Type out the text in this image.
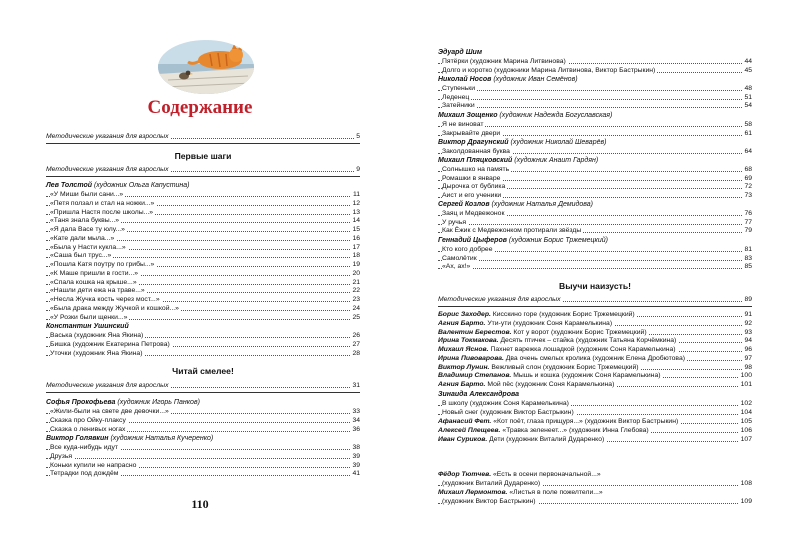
Содержание
Методические указания для взрослых	5
Первые шаги
Методические указания для взрослых	9
Лев Толстой (художник Ольга Капустина)
«У Миши были сани...»	11
«Петя ползал и стал на ножки...»	12
«Пришла Настя после школы...»	13
«Таня знала буквы...»	14
«Я дала Васе ту юлу...»	15
«Кате дали мыла...»	16
«Была у Насти кукла...»	17
«Саша был трус...»	18
«Пошла Катя поутру по грибы...»	19
«К Маше пришли в гости...»	20
«Спала кошка на крыше...»	21
«Нашли дети ежа на траве...»	22
«Несла Жучка кость через мост...»	23
«Была драка между Жучкой и кошкой...»	24
«У Розки были щенки...»	25
Константин Ушинский
Васька (художник Яна Якина)	26
Бишка (художник Екатерина Петрова)	27
Уточки (художник Яна Якина)	28
Читай смелее!
Методические указания для взрослых	31
Софья Прокофьева (художник Игорь Панков)
«Жили-были на свете две девочки...»	33
Сказка про Ойку-плаксу	34
Сказка о ленивых ногах	36
Виктор Голявкин (художник Наталья Кучеренко)
Все куда-нибудь идут	38
Друзья	39
Коньки купили не напрасно	39
Тетрадки под дождём	41
110
Эдуард Шим
Пятёрки (художник Марина Литвинова)	44
Долго и коротко (художники Марина Литвинова, Виктор Бастрыкин)	45
Николай Носов (художник Иван Семёнов)
Ступеньки	48
Леденец	51
Затейники	54
Михаил Зощенко (художник Надежда Богуславская)
Я не виноват	58
Закрывайте двери	61
Виктор Драгунский (художник Николай Шеварёв)
Заколдованная буква	64
Михаил Пляцковский (художник Анаит Гардян)
Солнышко на память	68
Ромашки в январе	69
Дырочка от бублика	72
Аист и его ученики	73
Сергей Козлов (художник Наталья Демидова)
Заяц и Медвежонок	76
У ручья	77
Как Ёжик с Медвежонком протирали звёзды	79
Геннадий Цыферов (художник Борис Тржемецкий)
Кто кого добрее	81
Самолётик	83
«Ах, ах!»	85
Выучи наизусть!
Методические указания для взрослых	89
Борис Заходер. Кисскино горе (художник Борис Тржемецкий)	91
Агния Барто. Ути-ути (художник Соня Карамелькина)	92
Валентин Берестов. Кот у ворот (художник Борис Тржемецкий)	93
Ирина Токмакова. Десять птичек – стайка (художник Татьяна Корчёмкина)	94
Михаил Яснов. Пахнет варежка лошадкой (художник Соня Карамелькина)	96
Ирина Пивоварова. Два очень смелых кролика (художник Елена Дробютова)	97
Виктор Лунин. Вежливый слон (художник Борис Тржемецкий)	98
Владимир Степанов. Мышь и кошка (художник Соня Карамелькина)	100
Агния Барто. Мой пёс (художник Соня Карамелькина)	101
Зинаида Александрова
В школу (художник Соня Карамелькина)	102
Новый снег (художник Виктор Бастрыкин)	104
Афанасий Фет. «Кот поёт, глаза прищуря...» (художник Виктор Бастрыкин)	105
Алексей Плещеев. «Травка зеленеет...» (художник Инна Глебова)	106
Иван Суриков. Дети (художник Виталий Дударенко)	107
Фёдор Тютчев. «Есть в осени первоначальной...»
(художник Виталий Дударенко)	108
Михаил Лермонтов. «Листья в поле пожелтели...»
(художник Виктор Бастрыкин)	109
